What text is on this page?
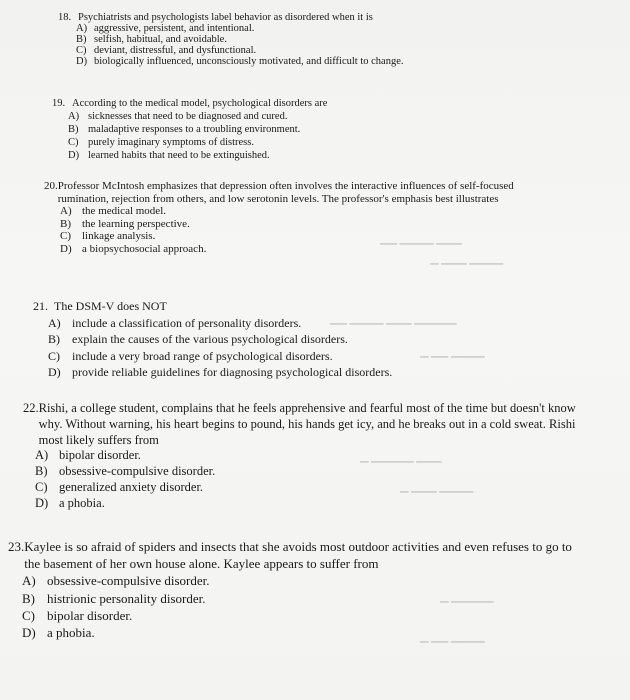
▁▁▁ ▁▁▁▁ ▁▁
▁▁▁▁ ▁▁▁ ▁
▁▁▁▁▁ ▁▁▁ ▁▁▁▁ ▁▁
▁▁▁▁ ▁▁ ▁
▁▁▁ ▁▁▁▁▁ ▁
▁▁▁▁ ▁▁▁ ▁
▁▁▁▁▁ ▁
▁▁▁▁ ▁▁ ▁
18. Psychiatrists and psychologists label behavior as disordered when it is
A) aggressive, persistent, and intentional.
B) selfish, habitual, and avoidable.
C) deviant, distressful, and dysfunctional.
D) biologically influenced, unconsciously motivated, and difficult to change.
19. According to the medical model, psychological disorders are
A) sicknesses that need to be diagnosed and cured.
B) maladaptive responses to a troubling environment.
C) purely imaginary symptoms of distress.
D) learned habits that need to be extinguished.
20. Professor McIntosh emphasizes that depression often involves the interactive influences of self-focused rumination, rejection from others, and low serotonin levels. The professor's emphasis best illustrates
A) the medical model.
B)	the learning perspective.
C)	linkage analysis.
D) a biopsychosocial approach.
21. The DSM-V does NOT
A) include a classification of personality disorders.
B)	explain the causes of the various psychological disorders.
C)	include a very broad range of psychological disorders.
D) provide reliable guidelines for diagnosing psychological disorders.
22. Rishi, a college student, complains that he feels apprehensive and fearful most of the time but doesn't know why. Without warning, his heart begins to pound, his hands get icy, and he breaks out in a cold sweat. Rishi most likely suffers from
A) bipolar disorder.
B) obsessive-compulsive disorder.
C) generalized anxiety disorder.
D) a phobia.
23. Kaylee is so afraid of spiders and insects that she avoids most outdoor activities and even refuses to go to the basement of her own house alone. Kaylee appears to suffer from
A) obsessive-compulsive disorder.
B) histrionic personality disorder.
C) bipolar disorder.
D) a phobia.
